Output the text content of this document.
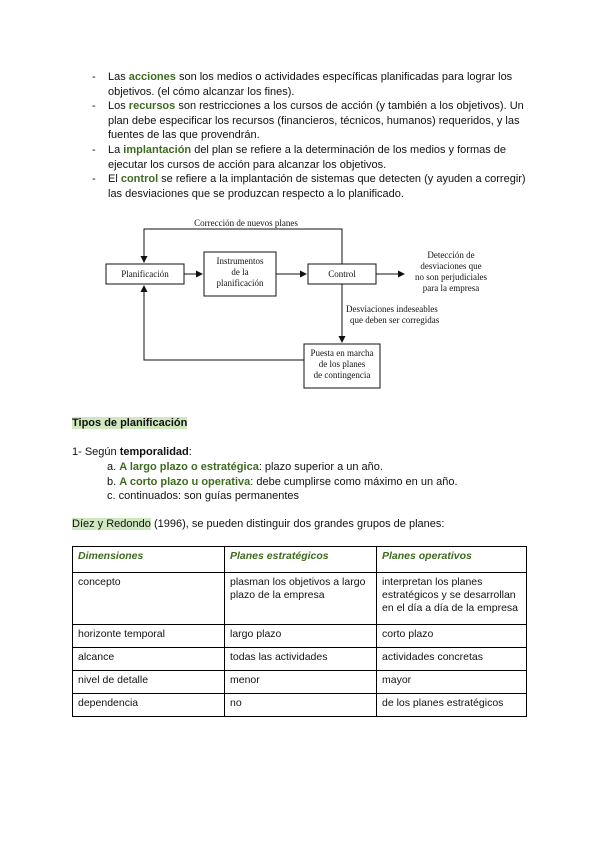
- Las acciones son los medios o actividades específicas planificadas para lograr los objetivos. (el cómo alcanzar los fines).

- Los recursos son restricciones a los cursos de acción (y también a los objetivos). Un plan debe especificar los recursos (financieros, técnicos, humanos) requeridos, y las fuentes de las que provendrán.

- La implantación del plan se refiere a la determinación de los medios y formas de ejecutar los cursos de acción para alcanzar los objetivos.

- El control se refiere a la implantación de sistemas que detecten (y ayuden a corregir) las desviaciones que se produzcan respecto a lo planificado.

Corrección de nuevos planes
Planificación
Instrumentos
de la
planificación
Control
Detección de
desviaciones que
no son perjudiciales
para la empresa
Desviaciones indeseables
que deben ser corregidas
Puesta en marcha
de los planes
de contingencia
Tipos de planificación
1- Según temporalidad:
a. A largo plazo o estratégica: plazo superior a un año.
b. A corto plazo u operativa: debe cumplirse como máximo en un año.
c. continuados: son guías permanentes
Díez y Redondo (1996), se pueden distinguir dos grandes grupos de planes:
Dimensiones	Planes estratégicos	Planes operativos
concepto	plasman los objetivos a largo plazo de la empresa	interpretan los planes estratégicos y se desarrollan en el día a día de la empresa
horizonte temporal	largo plazo	corto plazo
alcance	todas las actividades	actividades concretas
nivel de detalle	menor	mayor
dependencia	no	de los planes estratégicos
